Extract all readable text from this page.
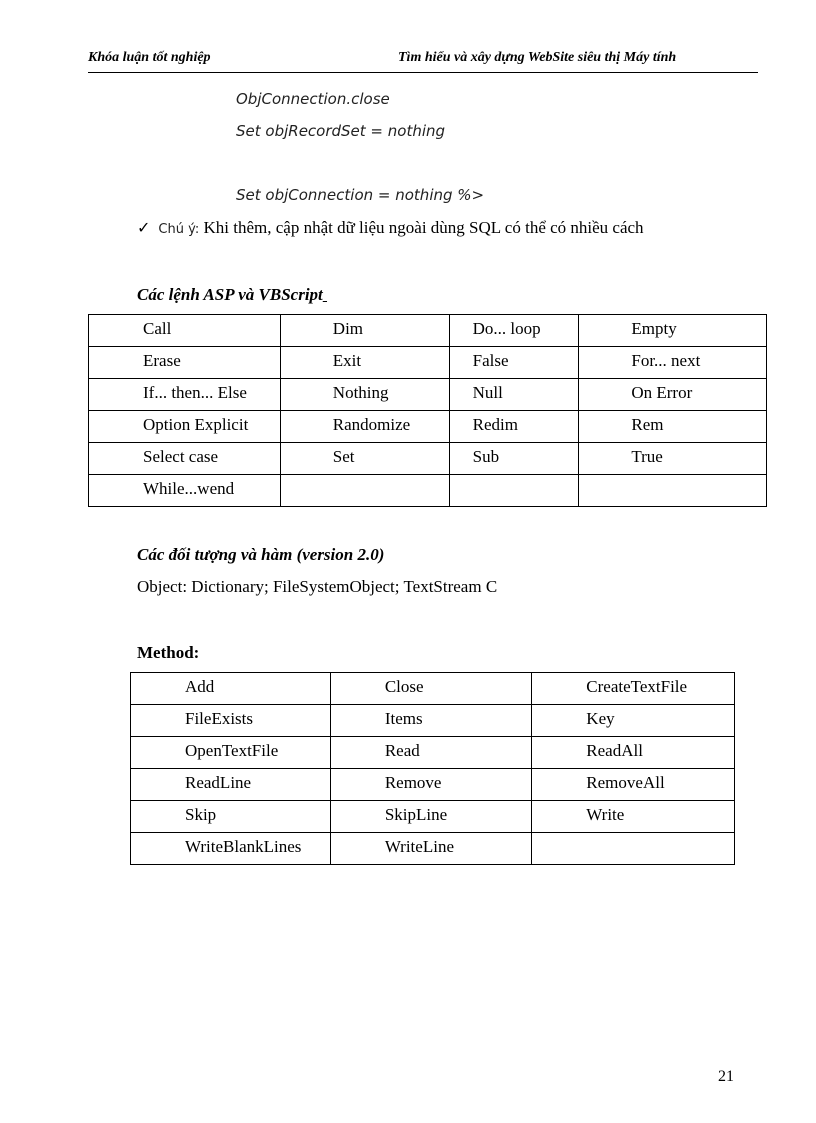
Khóa luận tốt nghiệp	Tìm hiểu và xây dựng WebSite siêu thị Máy tính
ObjConnection.close
Set objRecordSet = nothing
Set objConnection = nothing %>
✓ Chú ý: Khi thêm, cập nhật dữ liệu ngoài dùng SQL có thể có nhiều cách
Các lệnh ASP và VBScript
Call	Dim	Do... loop	Empty
Erase	Exit	False	For... next
If... then... Else	Nothing	Null	On Error
Option Explicit	Randomize	Redim	Rem
Select case	Set	Sub	True
While...wend			
Các đối tượng và hàm (version 2.0)
Object: Dictionary; FileSystemObject; TextStream C
Method:
Add	Close	CreateTextFile
FileExists	Items	Key
OpenTextFile	Read	ReadAll
ReadLine	Remove	RemoveAll
Skip	SkipLine	Write
WriteBlankLines	WriteLine	
21
